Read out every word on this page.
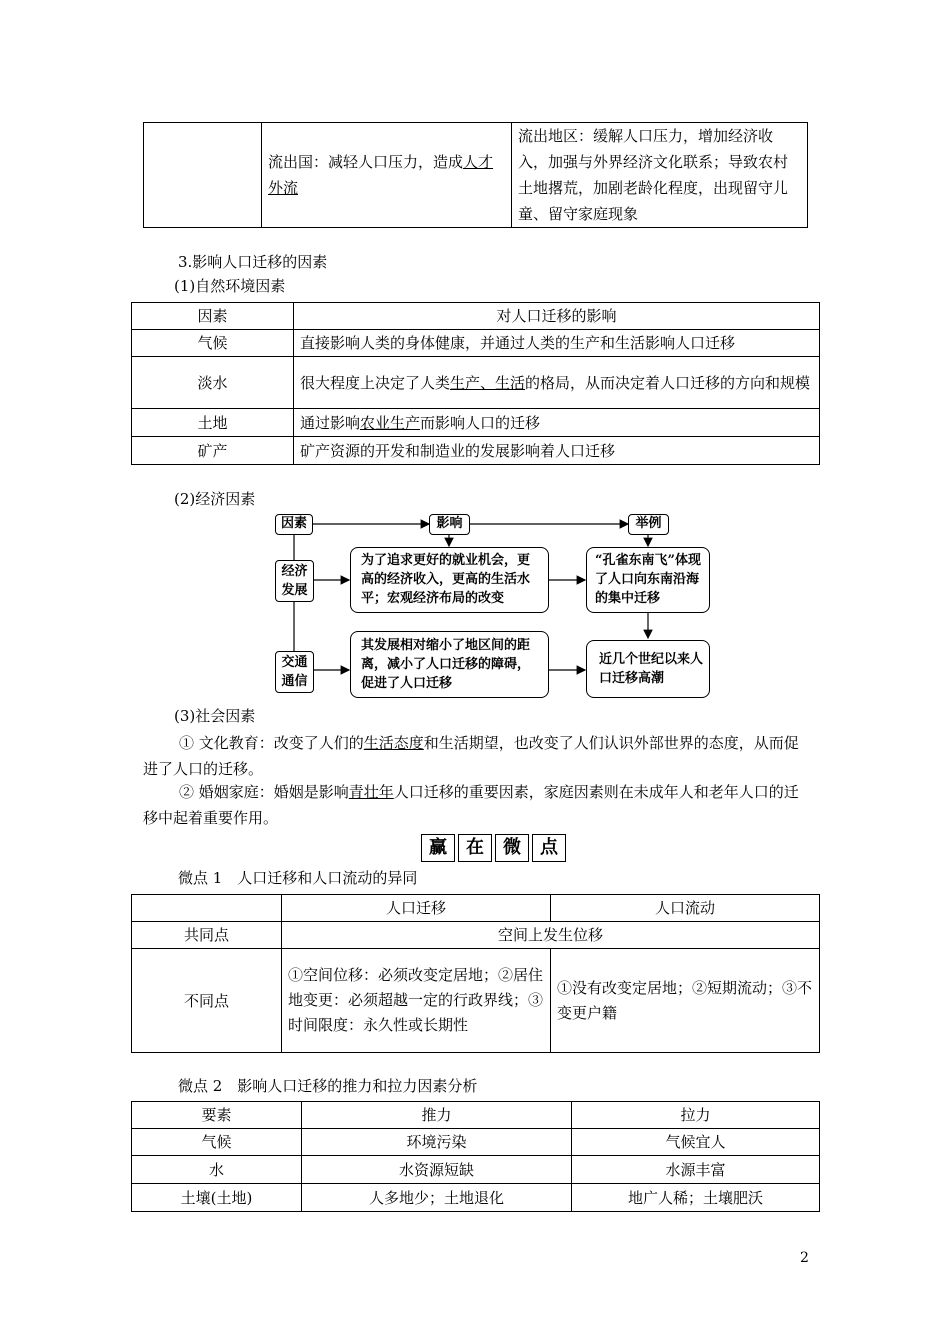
	流出国：减轻人口压力，造成人才外流	流出地区：缓解人口压力，增加经济收入，加强与外界经济文化联系；导致农村土地撂荒，加剧老龄化程度，出现留守儿童、留守家庭现象
3.影响人口迁移的因素
(1)自然环境因素
因素	对人口迁移的影响
气候	直接影响人类的身体健康，并通过人类的生产和生活影响人口迁移
淡水	很大程度上决定了人类生产、生活的格局，从而决定着人口迁移的方向和规模
土地	通过影响农业生产而影响人口的迁移
矿产	矿产资源的开发和制造业的发展影响着人口迁移
(2)经济因素
因素	影响	举例
经济发展
为了追求更好的就业机会，更高的经济收入，更高的生活水平；宏观经济布局的改变
“孔雀东南飞”体现了人口向东南沿海的集中迁移
交通通信
其发展相对缩小了地区间的距离，减小了人口迁移的障碍，促进了人口迁移
近几个世纪以来人口迁移高潮
(3)社会因素
① 文化教育：改变了人们的生活态度和生活期望，也改变了人们认识外部世界的态度，从而促进了人口的迁移。
② 婚姻家庭：婚姻是影响青壮年人口迁移的重要因素，家庭因素则在未成年人和老年人口的迁移中起着重要作用。
赢	在	微	点
微点 1　人口迁移和人口流动的异同
	人口迁移	人口流动
共同点	空间上发生位移	
不同点	①空间位移：必须改变定居地；②居住地变更：必须超越一定的行政界线；③时间限度：永久性或长期性	①没有改变定居地；②短期流动；③不变更户籍
微点 2　影响人口迁移的推力和拉力因素分析
要素	推力	拉力
气候	环境污染	气候宜人
水	水资源短缺	水源丰富
土壤(土地)	人多地少；土地退化	地广人稀；土壤肥沃
2
